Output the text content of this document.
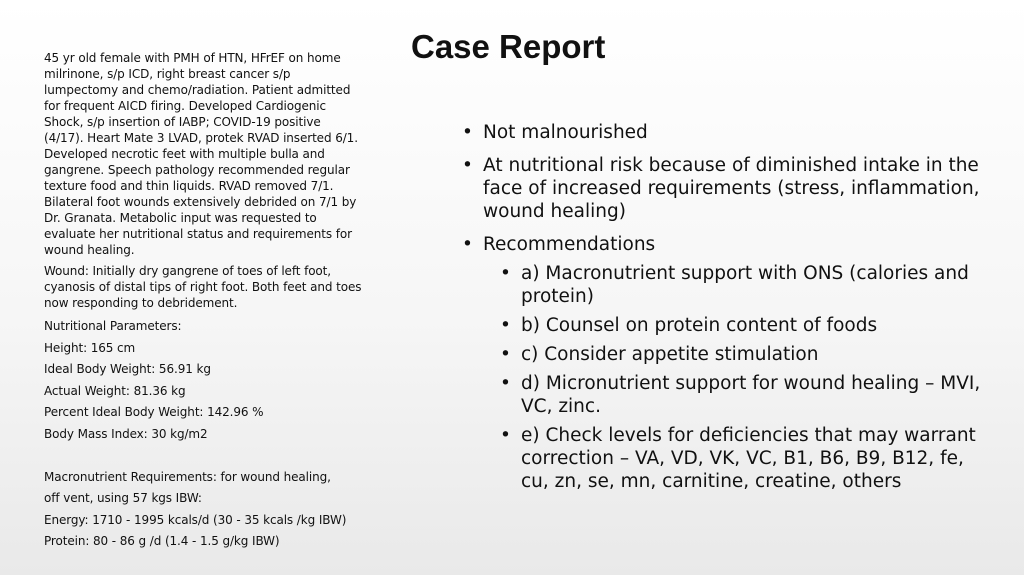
Case Report

45 yr old female with PMH of HTN, HFrEF on home milrinone, s/p ICD, right breast cancer s/p lumpectomy and chemo/radiation. Patient admitted for frequent AICD firing. Developed Cardiogenic Shock, s/p insertion of IABP; COVID-19 positive (4/17). Heart Mate 3 LVAD, protek RVAD inserted 6/1. Developed necrotic feet with multiple bulla and gangrene. Speech pathology recommended regular texture food and thin liquids. RVAD removed 7/1. Bilateral foot wounds extensively debrided on 7/1 by Dr. Granata. Metabolic input was requested to evaluate her nutritional status and requirements for wound healing.

Wound: Initially dry gangrene of toes of left foot, cyanosis of distal tips of right foot. Both feet and toes now responding to debridement.

Nutritional Parameters:

Height: 165 cm

Ideal Body Weight: 56.91 kg

Actual Weight: 81.36 kg

Percent Ideal Body Weight: 142.96 %

Body Mass Index: 30 kg/m2

Macronutrient Requirements: for wound healing,

off vent, using 57 kgs IBW:

Energy: 1710 - 1995 kcals/d (30 - 35 kcals /kg IBW)

Protein: 80 - 86 g /d (1.4 - 1.5 g/kg IBW)

• Not malnourished
• At nutritional risk because of diminished intake in the face of increased requirements (stress, inflammation, wound healing)
• Recommendations
• a) Macronutrient support with ONS (calories and protein)
• b) Counsel on protein content of foods
• c) Consider appetite stimulation
• d) Micronutrient support for wound healing – MVI, VC, zinc.
• e) Check levels for deficiencies that may warrant correction – VA, VD, VK, VC, B1, B6, B9, B12, fe, cu, zn, se, mn, carnitine, creatine, others
